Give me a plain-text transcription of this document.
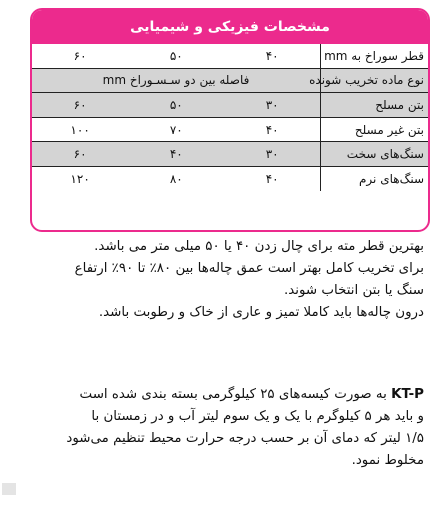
مشخصات فیزیکی و شیمیایی
قطر سوراخ به mm	۴۰	۵۰	۶۰
نوع ماده تخریب شونده	فاصله بین دو سـسـوراخ mm		
بتن مسلح	۳۰	۵۰	۶۰
بتن غیر مسلح	۴۰	۷۰	۱۰۰
سنگ‌های سخت	۳۰	۴۰	۶۰
سنگ‌های نرم	۴۰	۸۰	۱۲۰
بهترین قطر مته برای چال زدن ۴۰ یا ۵۰ میلی متر می باشد.
برای تخریب کامل بهتر است عمق چاله‌ها بین ۸۰٪ تا ۹۰٪ ارتفاع
سنگ یا بتن انتخاب شوند.
درون چاله‌ها باید کاملا تمیز و عاری از خاک و رطوبت باشد.
KT-P به صورت کیسه‌های ۲۵ کیلوگرمی بسته بندی شده است
و باید هر ۵ کیلوگرم با یک و یک سوم لیتر آب و در زمستان با
۱/۵ لیتر که دمای آن بر حسب درجه حرارت محیط تنظیم می‌شود
مخلوط نمود.
